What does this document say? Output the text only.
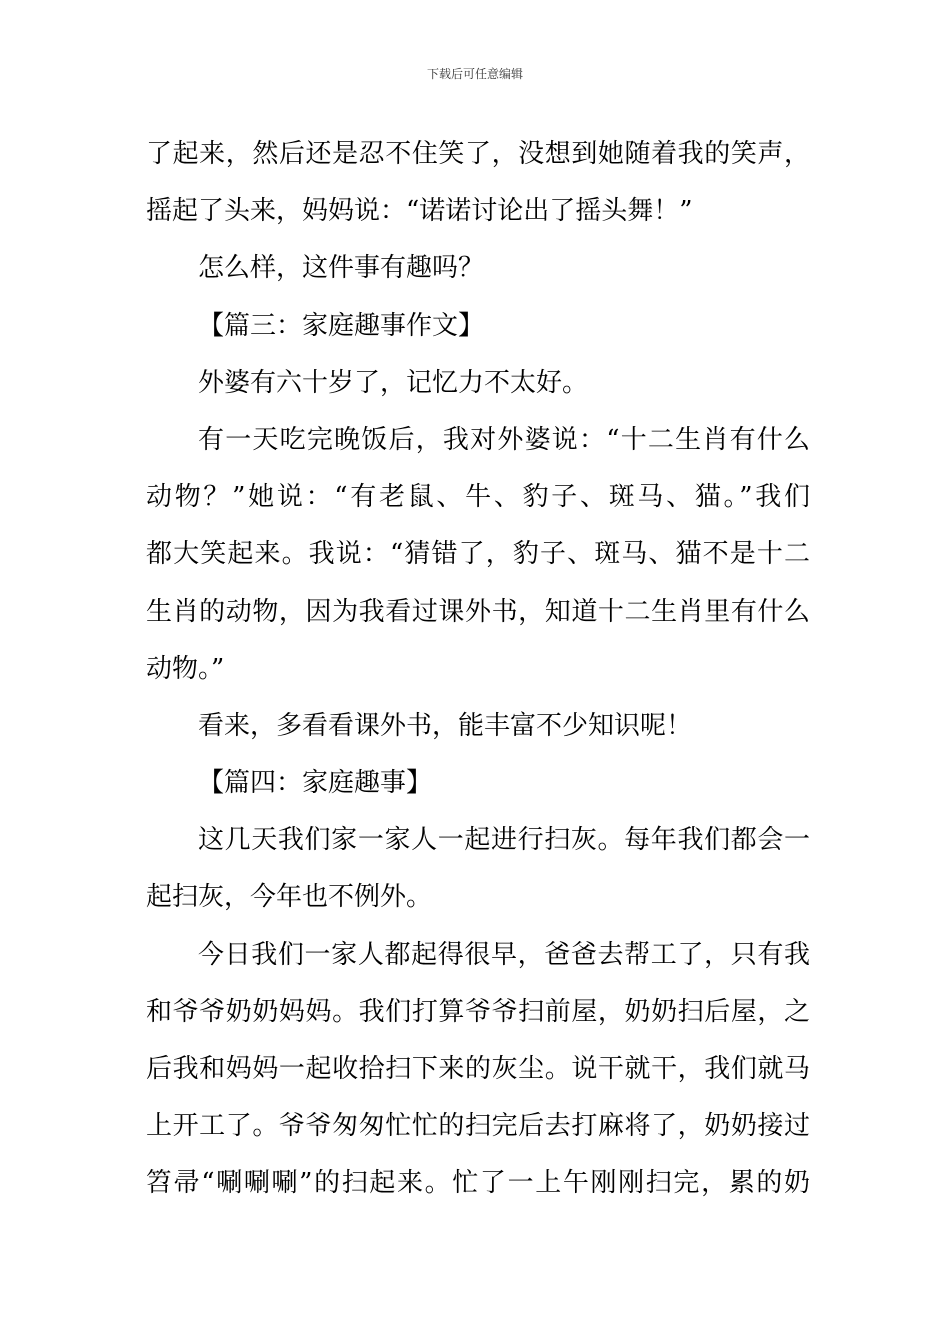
下载后可任意编辑
了起来，然后还是忍不住笑了，没想到她随着我的笑声，
摇起了头来，妈妈说：“诺诺讨论出了摇头舞！”
怎么样，这件事有趣吗？
【篇三：家庭趣事作文】
外婆有六十岁了，记忆力不太好。
有一天吃完晚饭后，我对外婆说：“十二生肖有什么
动物？”她说：“有老鼠、牛、豹子、斑马、猫。”我们
都大笑起来。我说：“猜错了，豹子、斑马、猫不是十二
生肖的动物，因为我看过课外书，知道十二生肖里有什么
动物。”
看来，多看看课外书，能丰富不少知识呢！
【篇四：家庭趣事】
这几天我们家一家人一起进行扫灰。每年我们都会一
起扫灰，今年也不例外。
今日我们一家人都起得很早，爸爸去帮工了，只有我
和爷爷奶奶妈妈。我们打算爷爷扫前屋，奶奶扫后屋，之
后我和妈妈一起收拾扫下来的灰尘。说干就干，我们就马
上开工了。爷爷匆匆忙忙的扫完后去打麻将了，奶奶接过
笤帚“唰唰唰”的扫起来。忙了一上午刚刚扫完，累的奶
